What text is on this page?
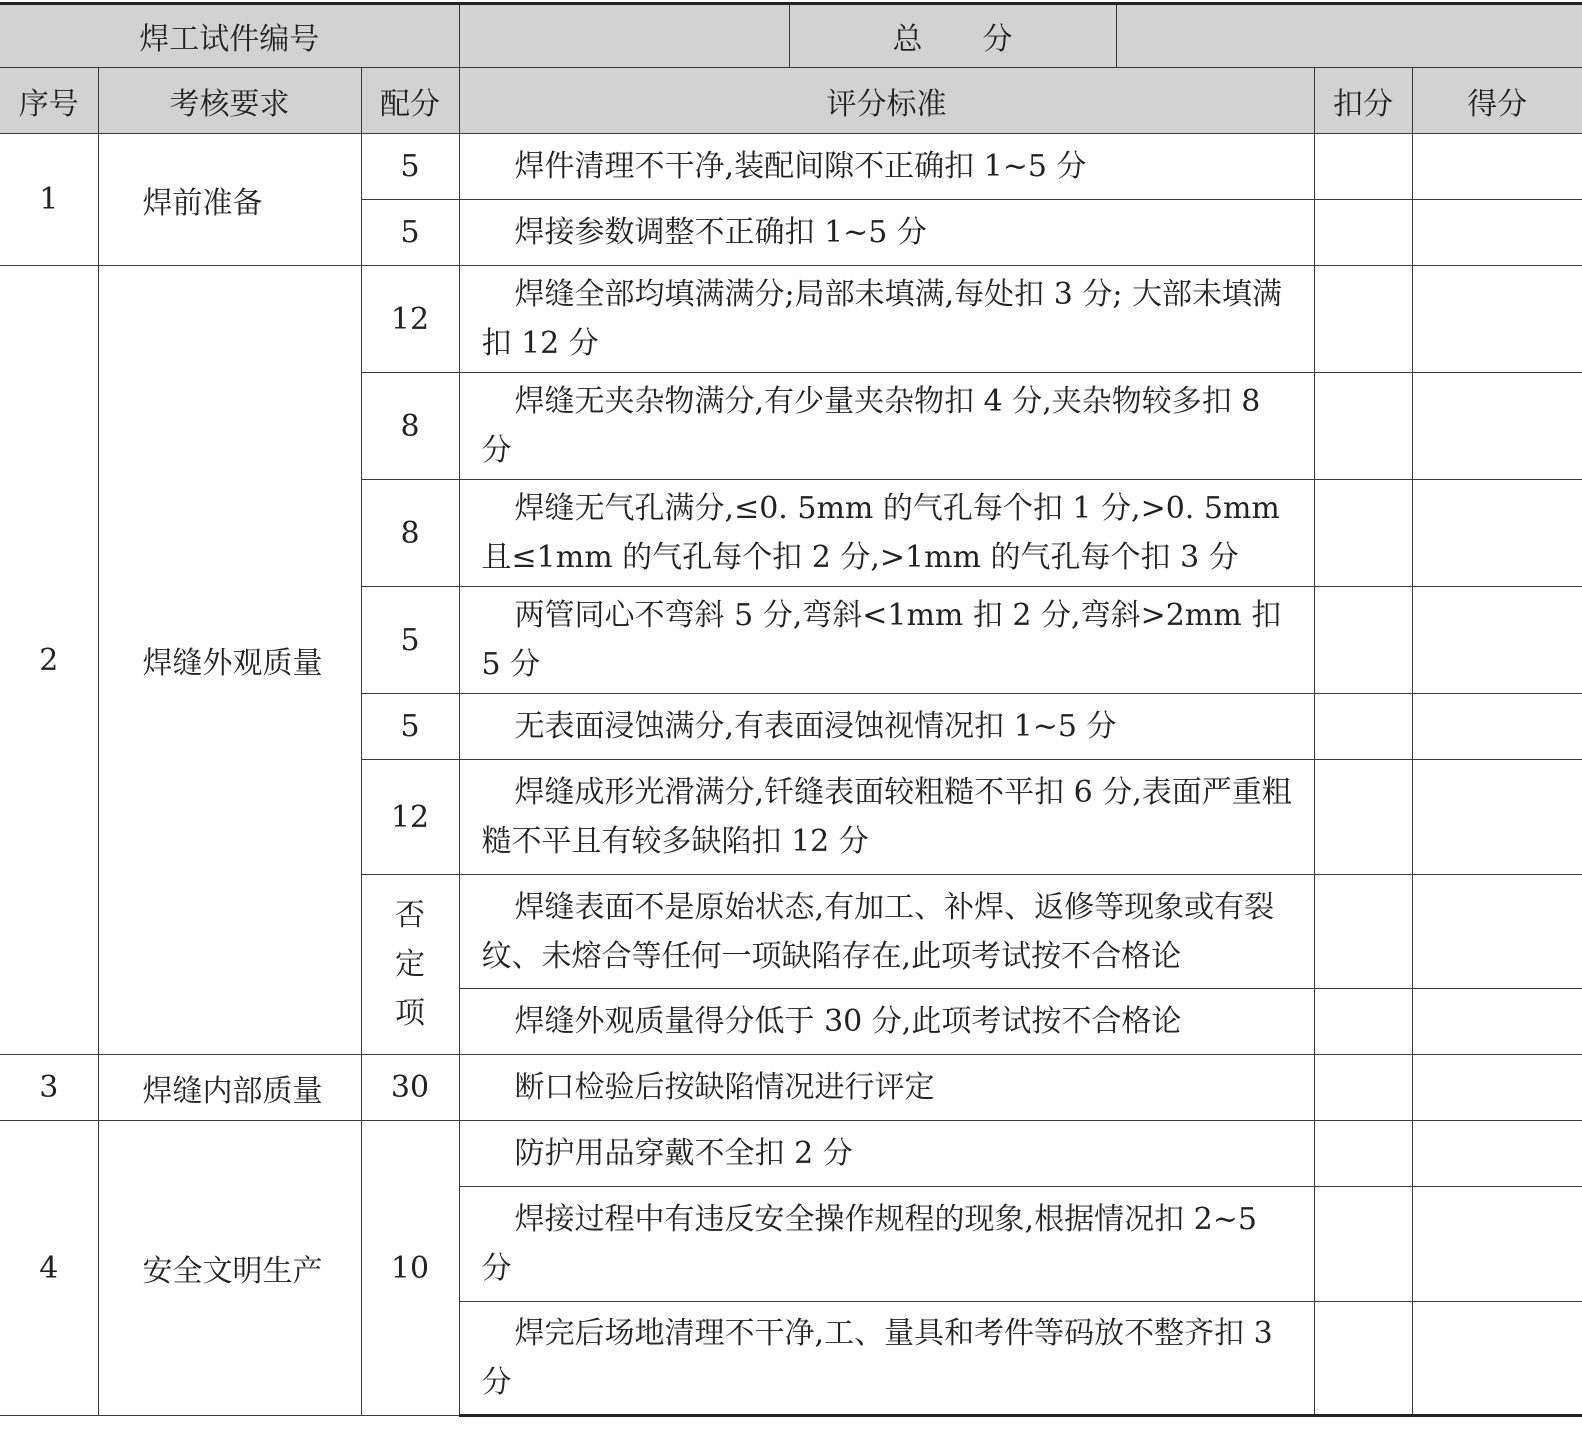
焊工试件编号				总　　分			
序号	考核要求	配分	评分标准			扣分	得分
1	焊前准备	5	焊件清理不干净,装配间隙不正确扣 1~5 分				
		5	焊接参数调整不正确扣 1~5 分				
2	焊缝外观质量	12	焊缝全部均填满满分;局部未填满,每处扣 3 分; 大部未填满扣 12 分				
		8	焊缝无夹杂物满分,有少量夹杂物扣 4 分,夹杂物较多扣 8 分				
		8	焊缝无气孔满分,≤0. 5mm 的气孔每个扣 1 分,>0. 5mm 且≤1mm 的气孔每个扣 2 分,>1mm 的气孔每个扣 3 分				
		5	两管同心不弯斜 5 分,弯斜<1mm 扣 2 分,弯斜>2mm 扣 5 分				
		5	无表面浸蚀满分,有表面浸蚀视情况扣 1~5 分				
		12	焊缝成形光滑满分,钎缝表面较粗糙不平扣 6 分,表面严重粗糙不平且有较多缺陷扣 12 分				
		否定项	焊缝表面不是原始状态,有加工、补焊、返修等现象或有裂纹、未熔合等任何一项缺陷存在,此项考试按不合格论				
			焊缝外观质量得分低于 30 分,此项考试按不合格论				
3	焊缝内部质量	30	断口检验后按缺陷情况进行评定				
4	安全文明生产	10	防护用品穿戴不全扣 2 分				
			焊接过程中有违反安全操作规程的现象,根据情况扣 2~5 分				
			焊完后场地清理不干净,工、量具和考件等码放不整齐扣 3 分				
